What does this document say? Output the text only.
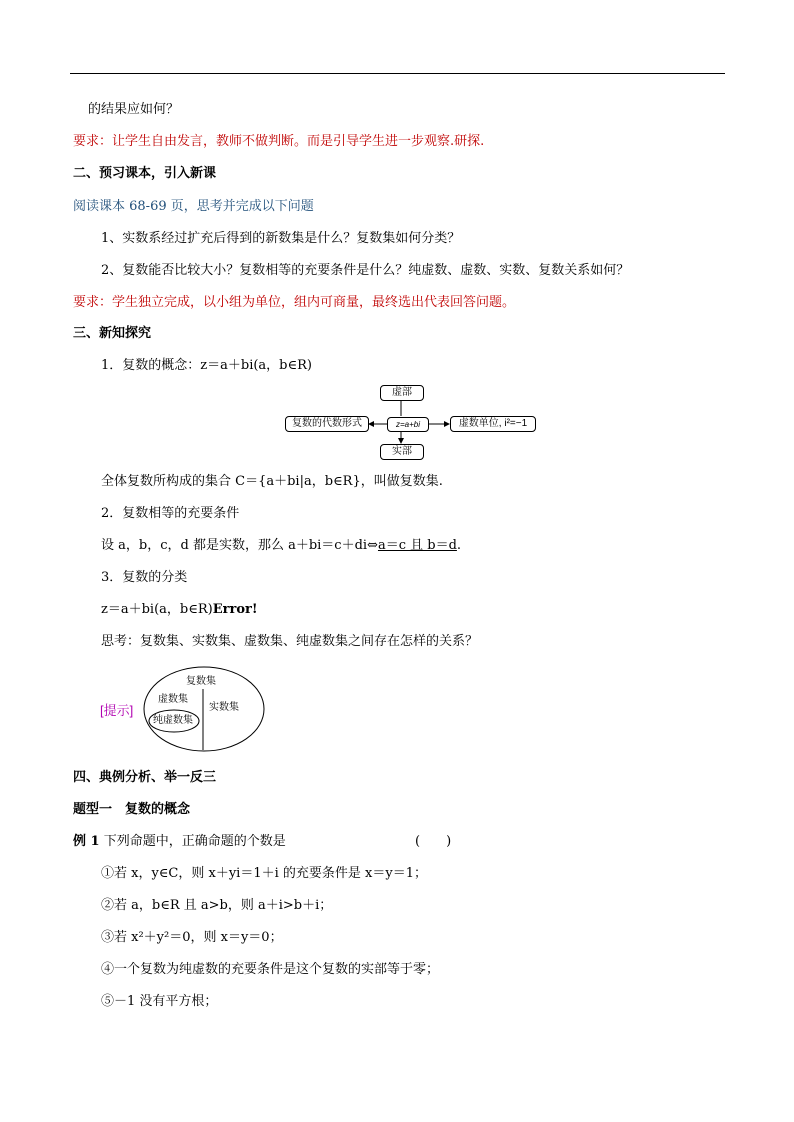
的结果应如何？
要求：让学生自由发言，教师不做判断。而是引导学生进一步观察.研探.
二、预习课本，引入新课
阅读课本 68-69 页，思考并完成以下问题
1、实数系经过扩充后得到的新数集是什么？复数集如何分类？
2、复数能否比较大小？复数相等的充要条件是什么？纯虚数、虚数、实数、复数关系如何？
要求：学生独立完成，以小组为单位，组内可商量，最终选出代表回答问题。
三、新知探究
1．复数的概念：z＝a＋bi(a，b∈R)
虚部
复数的代数形式	z=a+bi	虚数单位, i²=−1
实部
全体复数所构成的集合 C＝{a＋bi|a，b∈R}，叫做复数集.
2．复数相等的充要条件
设 a，b，c，d 都是实数，那么 a＋bi＝c＋di⇔a＝c 且 b＝d.
3．复数的分类
z＝a＋bi(a，b∈R)Error!
思考：复数集、实数集、虚数集、纯虚数集之间存在怎样的关系？
[提示]
复数集
虚数集
纯虚数集
实数集
四、典例分析、举一反三
题型一　复数的概念
例 1 下列命题中，正确命题的个数是	(　　)
①若 x，y∈C，则 x＋yi＝1＋i 的充要条件是 x＝y＝1；
②若 a，b∈R 且 a>b，则 a＋i>b＋i；
③若 x²＋y²＝0，则 x＝y＝0；
④一个复数为纯虚数的充要条件是这个复数的实部等于零；
⑤－1 没有平方根；
